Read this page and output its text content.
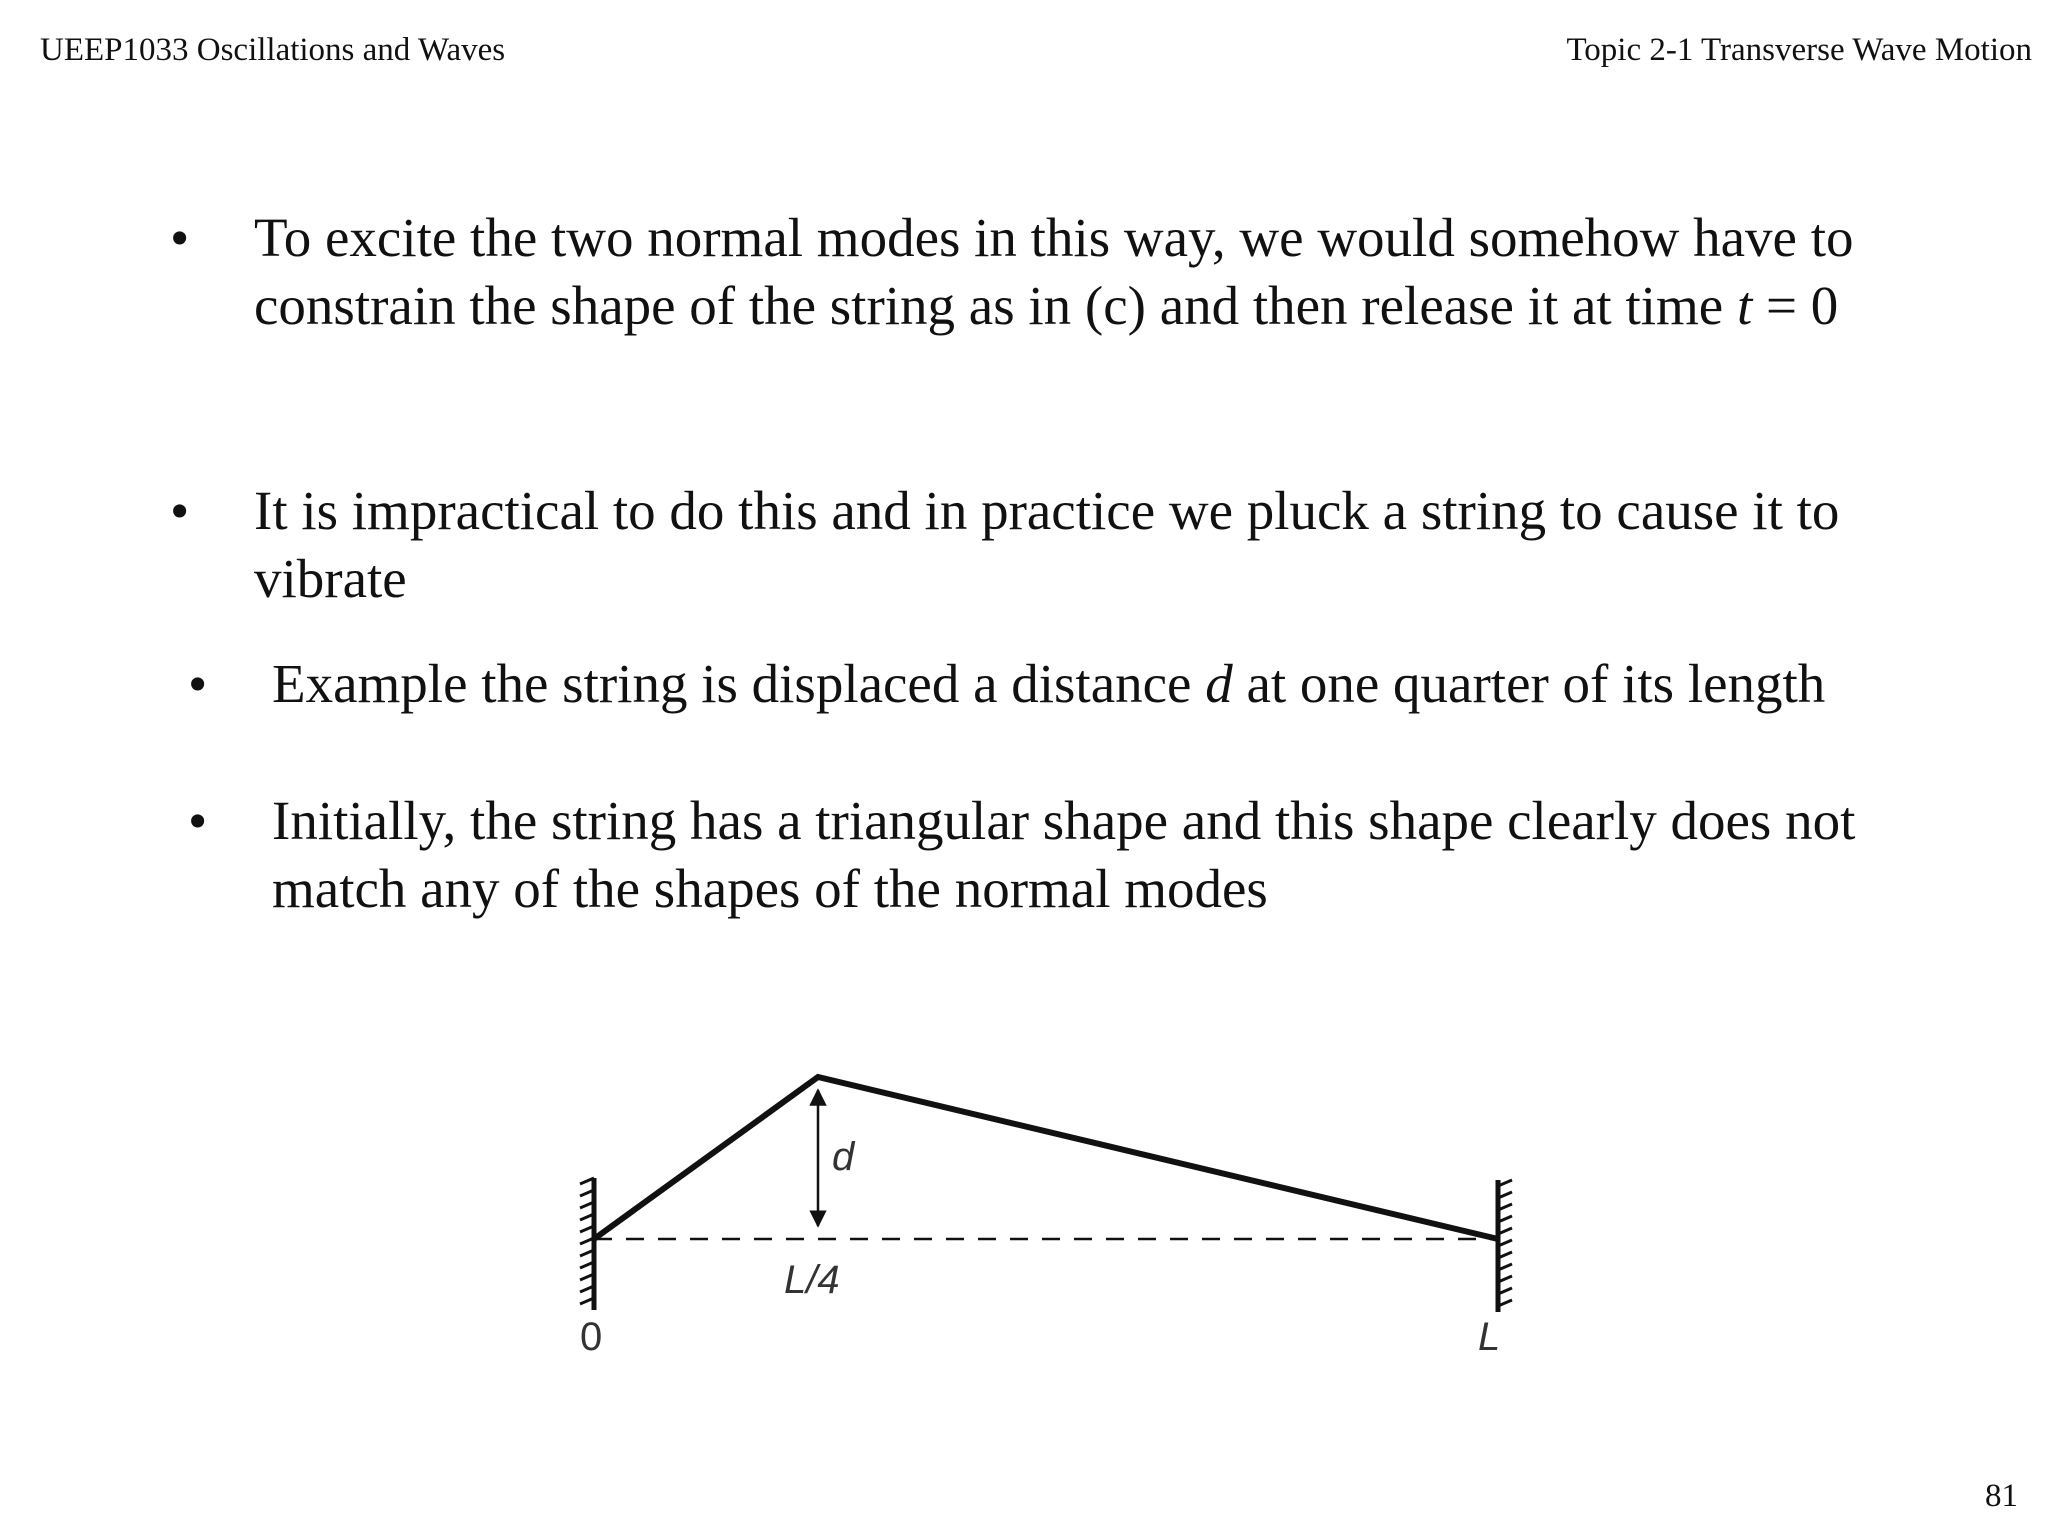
UEEP1033 Oscillations and Waves	Topic 2-1 Transverse Wave Motion
• To excite the two normal modes in this way, we would somehow have to constrain the shape of the string as in (c) and then release it at time t = 0
• It is impractical to do this and in practice we pluck a string to cause it to vibrate
• Example the string is displaced a distance d at one quarter of its length
• Initially, the string has a triangular shape and this shape clearly does not match any of the shapes of the normal modes
d
L/4
0	L
81
